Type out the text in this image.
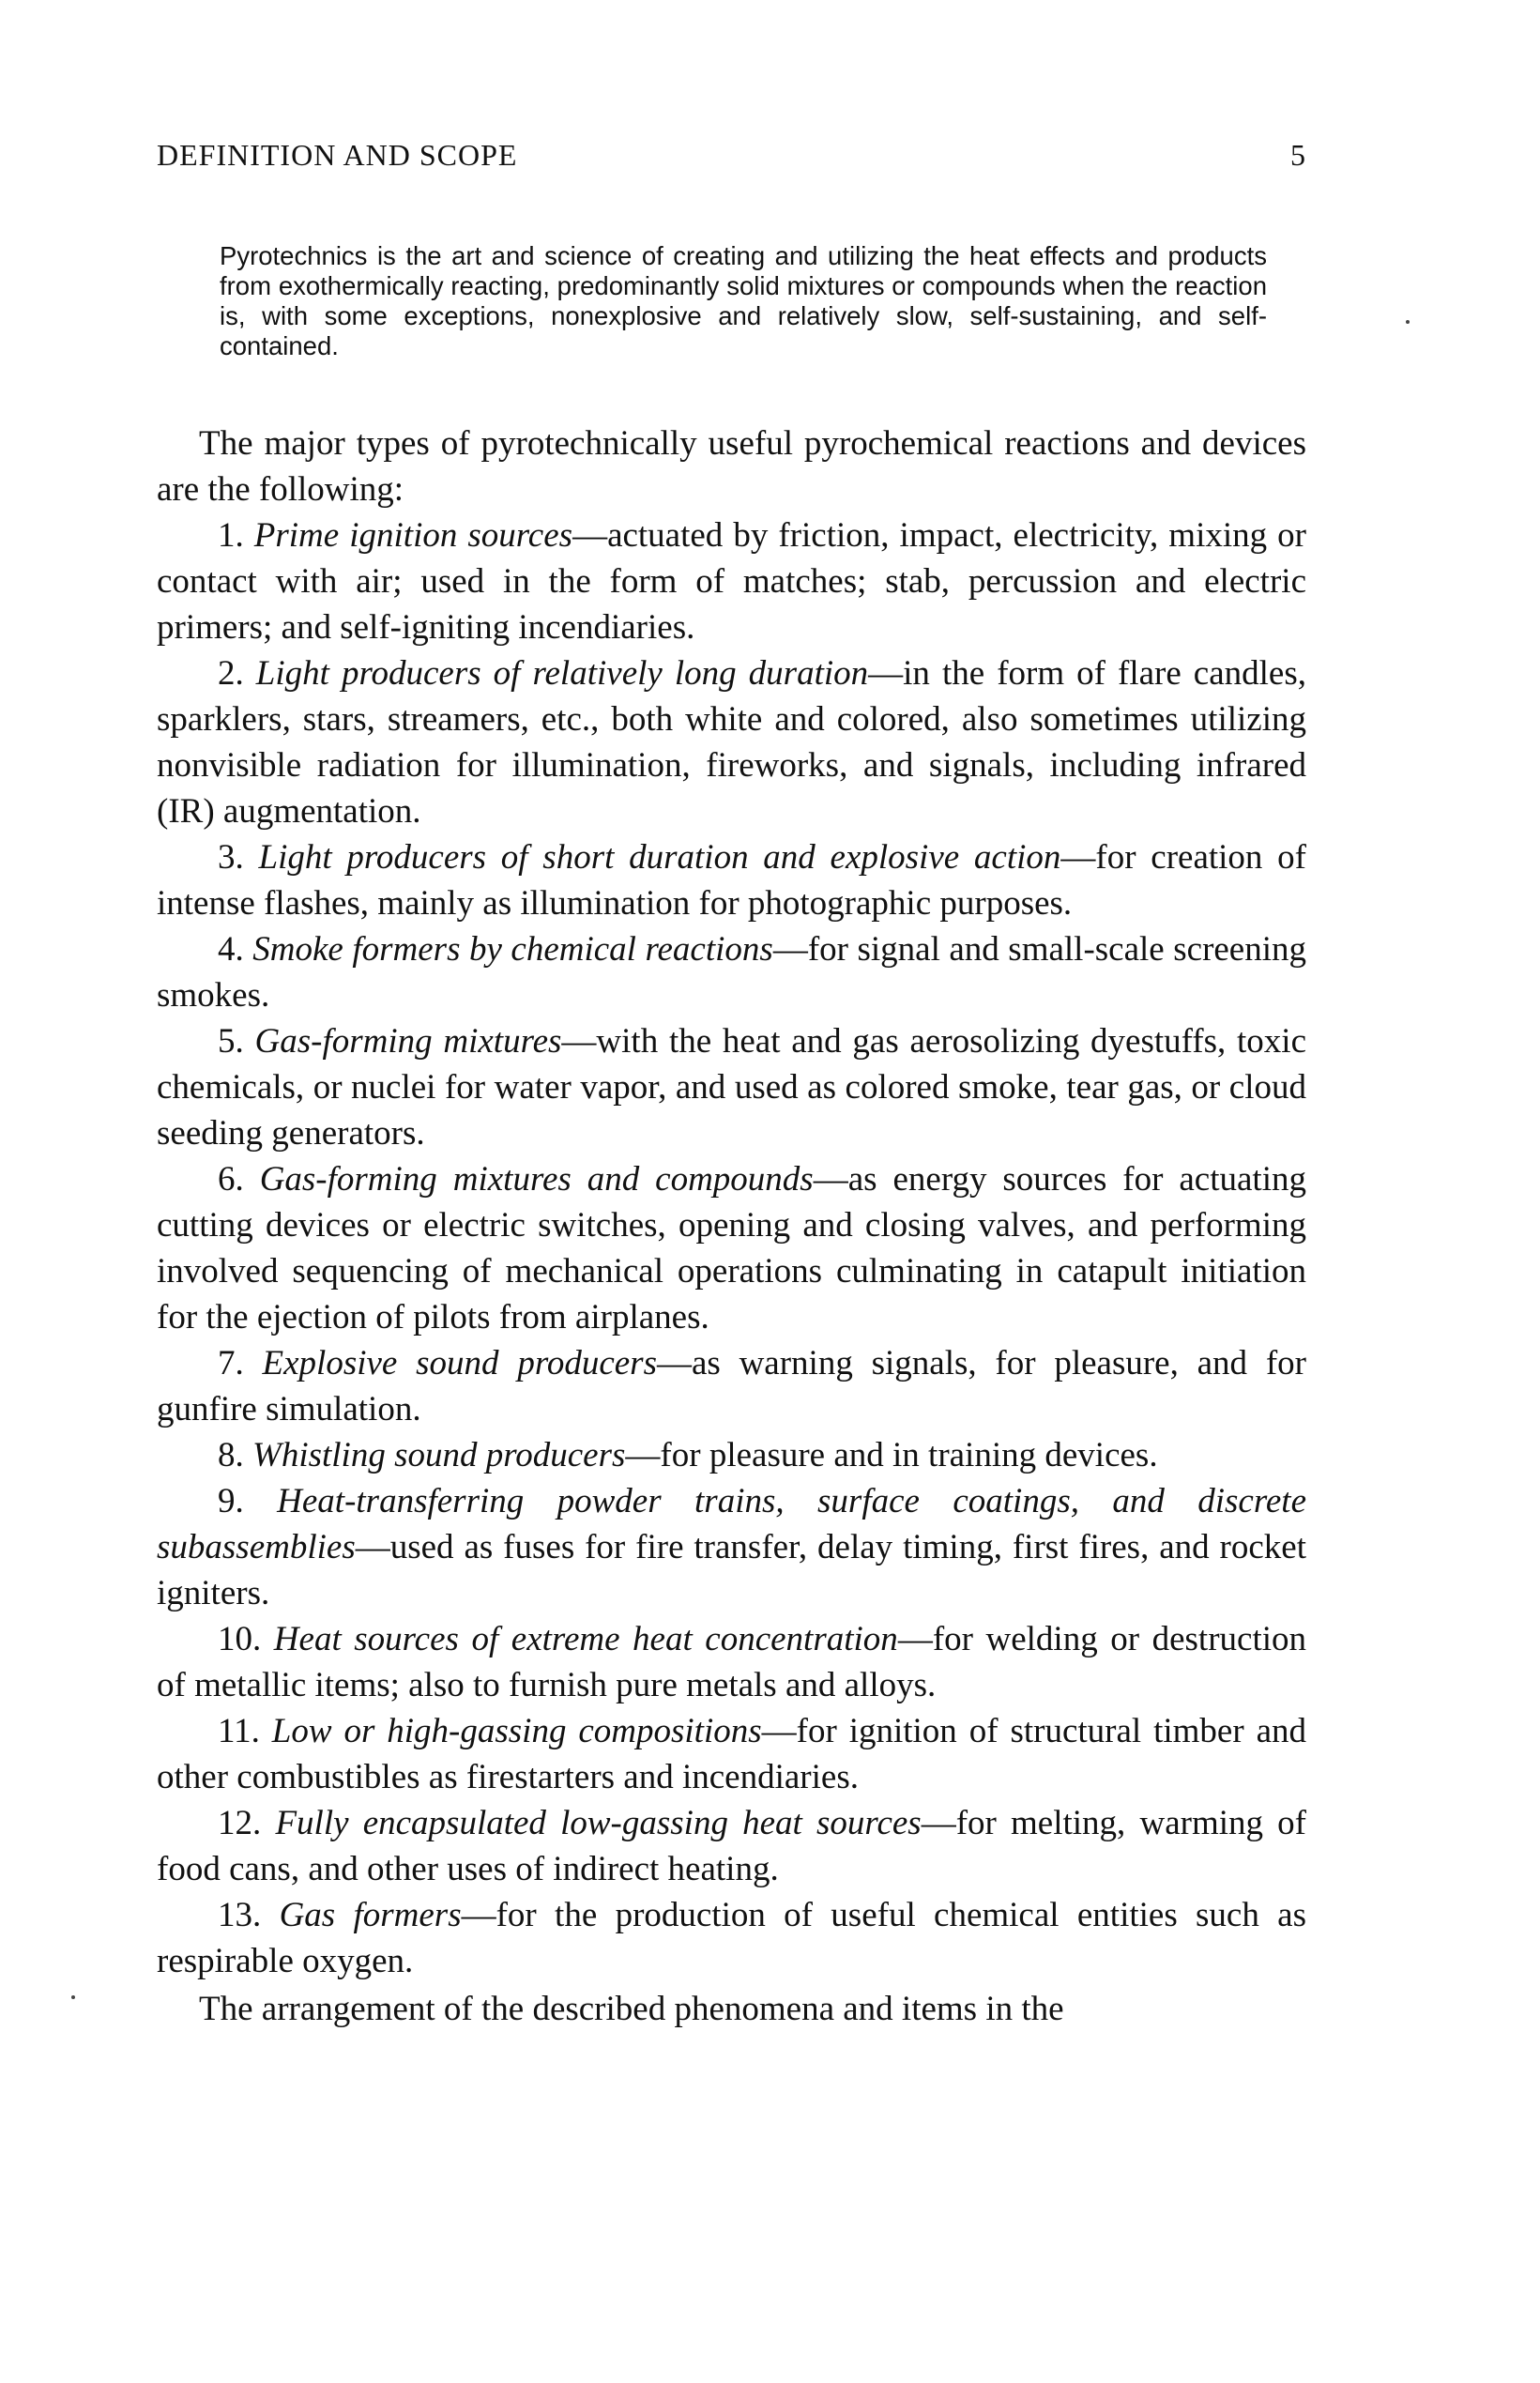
DEFINITION AND SCOPE	5
Pyrotechnics is the art and science of creating and utilizing the heat effects and products from exothermically reacting, predominantly solid mixtures or compounds when the reaction is, with some exceptions, nonexplosive and relatively slow, self-sustaining, and self-contained.

The major types of pyrotechnically useful pyrochemical reactions and devices are the following:

1. Prime ignition sources—actuated by friction, impact, electricity, mixing or contact with air; used in the form of matches; stab, percussion and electric primers; and self-igniting incendiaries.

2. Light producers of relatively long duration—in the form of flare candles, sparklers, stars, streamers, etc., both white and colored, also sometimes utilizing nonvisible radiation for illumination, fireworks, and signals, including infrared (IR) augmentation.

3. Light producers of short duration and explosive action—for creation of intense flashes, mainly as illumination for photographic purposes.

4. Smoke formers by chemical reactions—for signal and small-scale screening smokes.

5. Gas-forming mixtures—with the heat and gas aerosolizing dyestuffs, toxic chemicals, or nuclei for water vapor, and used as colored smoke, tear gas, or cloud seeding generators.

6. Gas-forming mixtures and compounds—as energy sources for actuating cutting devices or electric switches, opening and closing valves, and performing involved sequencing of mechanical operations culminating in catapult initiation for the ejection of pilots from airplanes.

7. Explosive sound producers—as warning signals, for pleasure, and for gunfire simulation.

8. Whistling sound producers—for pleasure and in training devices.

9. Heat-transferring powder trains, surface coatings, and discrete subassemblies—used as fuses for fire transfer, delay timing, first fires, and rocket igniters.

10. Heat sources of extreme heat concentration—for welding or destruction of metallic items; also to furnish pure metals and alloys.

11. Low or high-gassing compositions—for ignition of structural timber and other combustibles as firestarters and incendiaries.

12. Fully encapsulated low-gassing heat sources—for melting, warming of food cans, and other uses of indirect heating.

13. Gas formers—for the production of useful chemical entities such as respirable oxygen.

The arrangement of the described phenomena and items in the
